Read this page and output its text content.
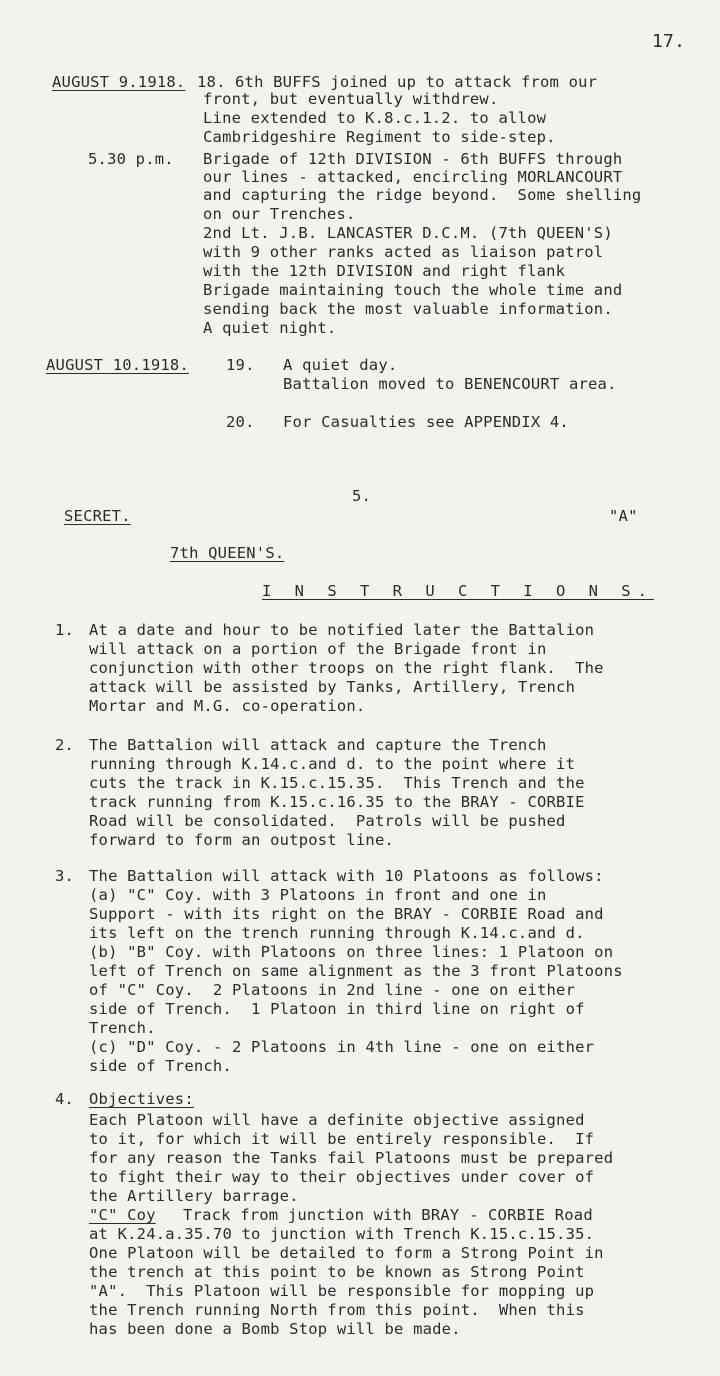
17.
AUGUST 9.1918. 18. 6th BUFFS joined up to attack from our
front, but eventually withdrew.
Line extended to K.8.c.1.2. to allow
Cambridgeshire Regiment to side-step.
5.30 p.m. Brigade of 12th DIVISION - 6th BUFFS through
our lines - attacked, encircling MORLANCOURT
and capturing the ridge beyond.  Some shelling
on our Trenches.
2nd Lt. J.B. LANCASTER D.C.M. (7th QUEEN'S)
with 9 other ranks acted as liaison patrol
with the 12th DIVISION and right flank
Brigade maintaining touch the whole time and
sending back the most valuable information.
A quiet night.
AUGUST 10.1918. 19. A quiet day.
Battalion moved to BENENCOURT area.
20. For Casualties see APPENDIX 4.
5.
SECRET.	"A"
7th QUEEN'S.
I N S T R U C T I O N S.
1. At a date and hour to be notified later the Battalion
will attack on a portion of the Brigade front in
conjunction with other troops on the right flank.  The
attack will be assisted by Tanks, Artillery, Trench
Mortar and M.G. co-operation.
2. The Battalion will attack and capture the Trench
running through K.14.c.and d. to the point where it
cuts the track in K.15.c.15.35.  This Trench and the
track running from K.15.c.16.35 to the BRAY - CORBIE
Road will be consolidated.  Patrols will be pushed
forward to form an outpost line.
3. The Battalion will attack with 10 Platoons as follows:
(a) "C" Coy. with 3 Platoons in front and one in
Support - with its right on the BRAY - CORBIE Road and
its left on the trench running through K.14.c.and d.
(b) "B" Coy. with Platoons on three lines: 1 Platoon on
left of Trench on same alignment as the 3 front Platoons
of "C" Coy.  2 Platoons in 2nd line - one on either
side of Trench.  1 Platoon in third line on right of
Trench.
(c) "D" Coy. - 2 Platoons in 4th line - one on either
side of Trench.
4. Objectives:
Each Platoon will have a definite objective assigned
to it, for which it will be entirely responsible.  If
for any reason the Tanks fail Platoons must be prepared
to fight their way to their objectives under cover of
the Artillery barrage.
"C" Coy Track from junction with BRAY - CORBIE Road
at K.24.a.35.70 to junction with Trench K.15.c.15.35.
One Platoon will be detailed to form a Strong Point in
the trench at this point to be known as Strong Point
"A".  This Platoon will be responsible for mopping up
the Trench running North from this point.  When this
has been done a Bomb Stop will be made.
